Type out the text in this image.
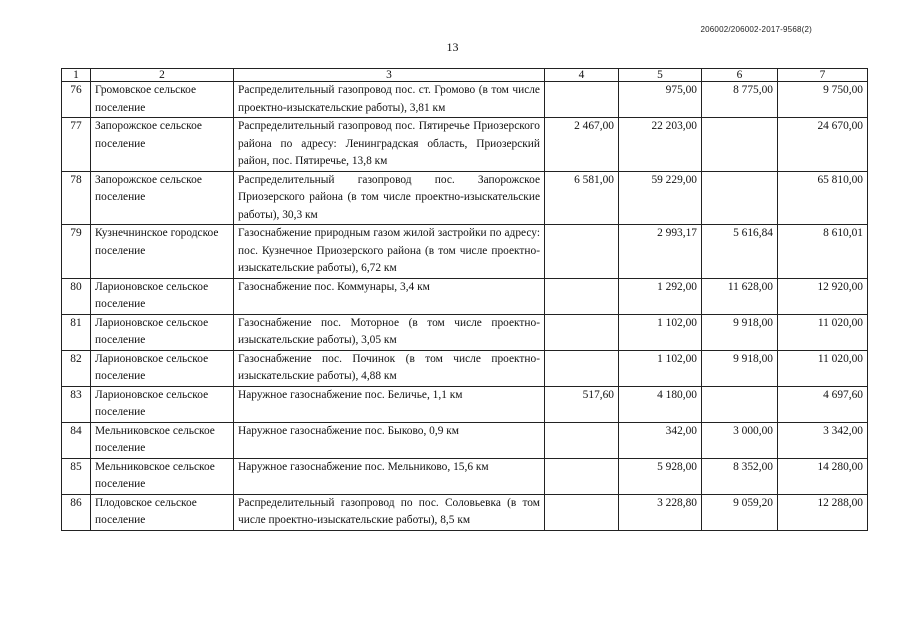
206002/206002-2017-9568(2)
13
1	2	3	4	5	6	7
76	Громовское сельское поселение	Распределительный газопровод пос. ст. Громово (в том числе проектно-изыскательские работы), 3,81 км		975,00	8 775,00	9 750,00
77	Запорожское сельское поселение	Распределительный газопровод пос. Пятиречье Приозерского района по адресу: Ленинградская область, Приозерский район, пос. Пятиречье, 13,8 км	2 467,00	22 203,00		24 670,00
78	Запорожское сельское поселение	Распределительный газопровод пос. Запорожское Приозерского района (в том числе проектно-изыскательские работы), 30,3 км	6 581,00	59 229,00		65 810,00
79	Кузнечнинское городское поселение	Газоснабжение природным газом жилой застройки по адресу: пос. Кузнечное Приозерского района (в том числе проектно-изыскательские работы), 6,72 км		2 993,17	5 616,84	8 610,01
80	Ларионовское сельское поселение	Газоснабжение пос. Коммунары, 3,4 км		1 292,00	11 628,00	12 920,00
81	Ларионовское сельское поселение	Газоснабжение пос. Моторное (в том числе проектно-изыскательские работы), 3,05 км		1 102,00	9 918,00	11 020,00
82	Ларионовское сельское поселение	Газоснабжение пос. Починок (в том числе проектно-изыскательские работы), 4,88 км		1 102,00	9 918,00	11 020,00
83	Ларионовское сельское поселение	Наружное газоснабжение пос. Беличье, 1,1 км	517,60	4 180,00		4 697,60
84	Мельниковское сельское поселение	Наружное газоснабжение пос. Быково, 0,9 км		342,00	3 000,00	3 342,00
85	Мельниковское сельское поселение	Наружное газоснабжение пос. Мельниково, 15,6 км		5 928,00	8 352,00	14 280,00
86	Плодовское сельское поселение	Распределительный газопровод по пос. Соловьевка (в том числе проектно-изыскательские работы), 8,5 км		3 228,80	9 059,20	12 288,00
